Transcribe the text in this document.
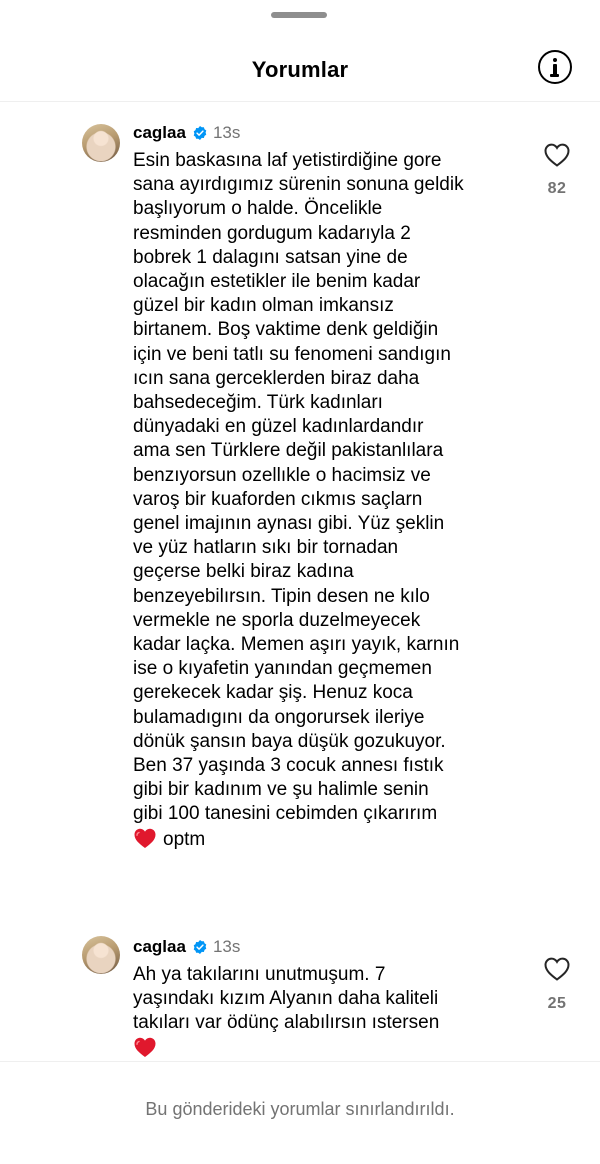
Yorumlar
caglaa 13s
Esin baskasına laf yetistirdiğine gore
sana ayırdıgımız sürenin sonuna geldik
başlıyorum o halde. Öncelikle
resminden gordugum kadarıyla 2
bobrek 1 dalagını satsan yine de
olacağın estetikler ile benim kadar
güzel bir kadın olman imkansız
birtanem. Boş vaktime denk geldiğin
için ve beni tatlı su fenomeni sandıgın
ıcın sana gerceklerden biraz daha
bahsedeceğim. Türk kadınları
dünyadaki en güzel kadınlardandır
ama sen Türklere değil pakistanlılara
benzıyorsun ozellıkle o hacimsiz ve
varoş bir kuaforden cıkmıs saçlarn
genel imajının aynası gibi. Yüz şeklin
ve yüz hatların sıkı bir tornadan
geçerse belki biraz kadına
benzeyebilırsın. Tipin desen ne kılo
vermekle ne sporla duzelmeyecek
kadar laçka. Memen aşırı yayık, karnın
ise o kıyafetin yanından geçmemen
gerekecek kadar şiş. Henuz koca
bulamadıgını da ongorursek ileriye
dönük şansın baya düşük gozukuyor.
Ben 37 yaşında 3 cocuk annesı fıstık
gibi bir kadınım ve şu halimle senin
gibi 100 tanesini cebimden çıkarırım
optm
82
caglaa 13s
Ah ya takılarını unutmuşum. 7
yaşındakı kızım Alyanın daha kaliteli
takıları var ödünç alabılırsın ıstersen
25
Bu gönderideki yorumlar sınırlandırıldı.
